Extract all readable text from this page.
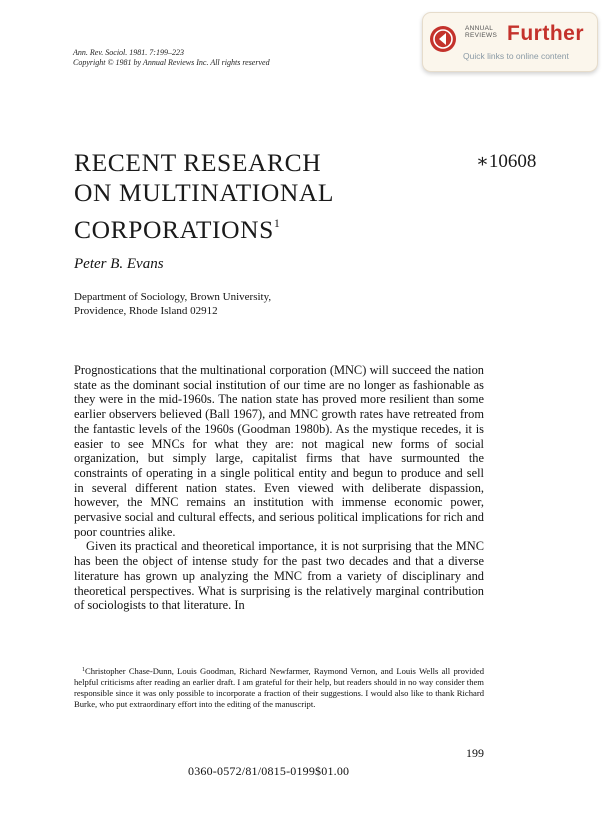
Ann. Rev. Sociol. 1981. 7:199–223
Copyright © 1981 by Annual Reviews Inc. All rights reserved
ANNUAL
REVIEWS Further
Quick links to online content
RECENT RESEARCH
ON MULTINATIONAL
CORPORATIONS$^1$
∗10608
Peter B. Evans
Department of Sociology, Brown University,
Providence, Rhode Island 02912

Prognostications that the multinational corporation (MNC) will succeed the nation state as the dominant social institution of our time are no longer as fashionable as they were in the mid-1960s. The nation state has proved more resilient than some earlier observers believed (Ball 1967), and MNC growth rates have retreated from the fantastic levels of the 1960s (Goodman 1980b). As the mystique recedes, it is easier to see MNCs for what they are: not magical new forms of social organization, but simply large, capitalist firms that have surmounted the constraints of operating in a single political entity and begun to produce and sell in several different nation states. Even viewed with deliberate dispassion, however, the MNC remains an institution with immense economic power, pervasive social and cultural effects, and serious political implications for rich and poor countries alike.

Given its practical and theoretical importance, it is not surprising that the MNC has been the object of intense study for the past two decades and that a diverse literature has grown up analyzing the MNC from a variety of disciplinary and theoretical perspectives. What is surprising is the relatively marginal contribution of sociologists to that literature. In

$^1$Christopher Chase-Dunn, Louis Goodman, Richard Newfarmer, Raymond Vernon, and Louis Wells all provided helpful criticisms after reading an earlier draft. I am grateful for their help, but readers should in no way consider them responsible since it was only possible to incorporate a fraction of their suggestions. I would also like to thank Richard Burke, who put extraordinary effort into the editing of the manuscript.

199
0360-0572/81/0815-0199$01.00
